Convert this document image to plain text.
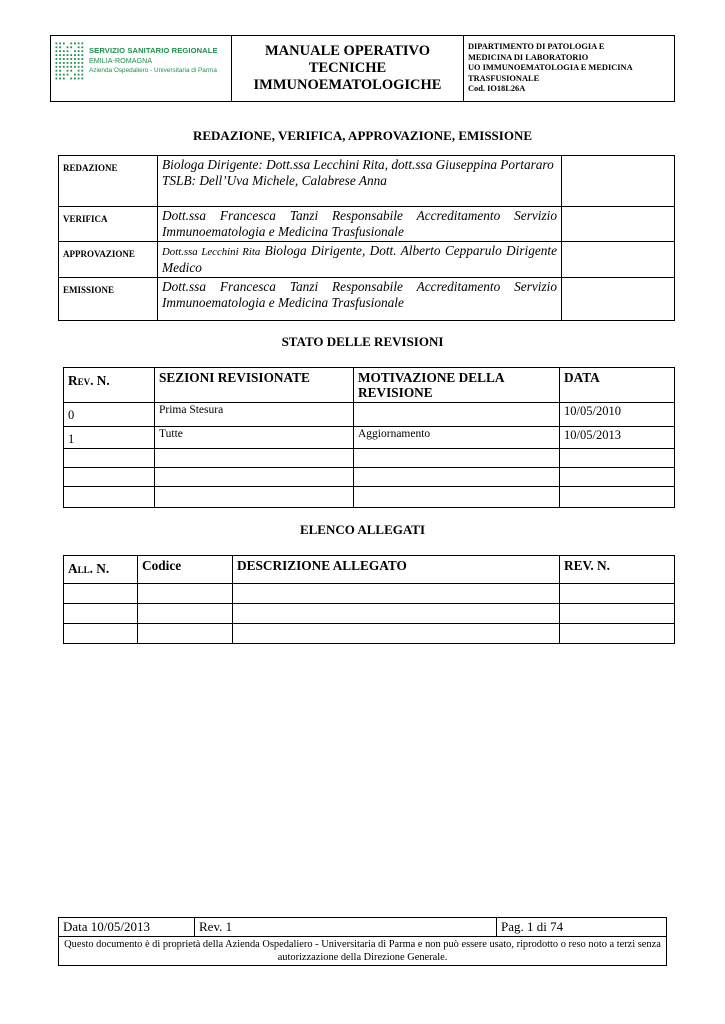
SERVIZIO SANITARIO REGIONALE
EMILIA-ROMAGNA
Azienda Ospedaliero - Universitaria di Parma

MANUALE OPERATIVO
TECNICHE
IMMUNOEMATOLOGICHE

DIPARTIMENTO DI PATOLOGIA E
MEDICINA DI LABORATORIO
UO IMMUNOEMATOLOGIA E MEDICINA
TRASFUSIONALE
Cod. IO18L26A
REDAZIONE, VERIFICA, APPROVAZIONE, EMISSIONE
REDAZIONE	Biologa Dirigente: Dott.ssa Lecchini Rita, dott.ssa Giuseppina Portararo
TSLB: Dell’Uva Michele, Calabrese Anna	

VERIFICA	Dott.ssa Francesca Tanzi Responsabile Accreditamento Servizio Immunoematologia e Medicina Trasfusionale	
APPROVAZIONE	Dott.ssa Lecchini Rita Biologa Dirigente, Dott. Alberto Cepparulo Dirigente Medico	
EMISSIONE	Dott.ssa Francesca Tanzi Responsabile Accreditamento Servizio Immunoematologia e Medicina Trasfusionale	
STATO DELLE REVISIONI
Rev. N.	SEZIONI REVISIONATE	MOTIVAZIONE DELLA REVISIONE	DATA
0	Prima Stesura		10/05/2010
1	Tutte	Aggiornamento	10/05/2013

ELENCO ALLEGATI
All. N.	Codice	DESCRIZIONE ALLEGATO	REV. N.

Data 10/05/2013	Rev. 1	Pag. 1 di 74
Questo documento è di proprietà della Azienda Ospedaliero - Universitaria di Parma e non può essere usato, riprodotto o reso noto a terzi senza autorizzazione della Direzione Generale.
